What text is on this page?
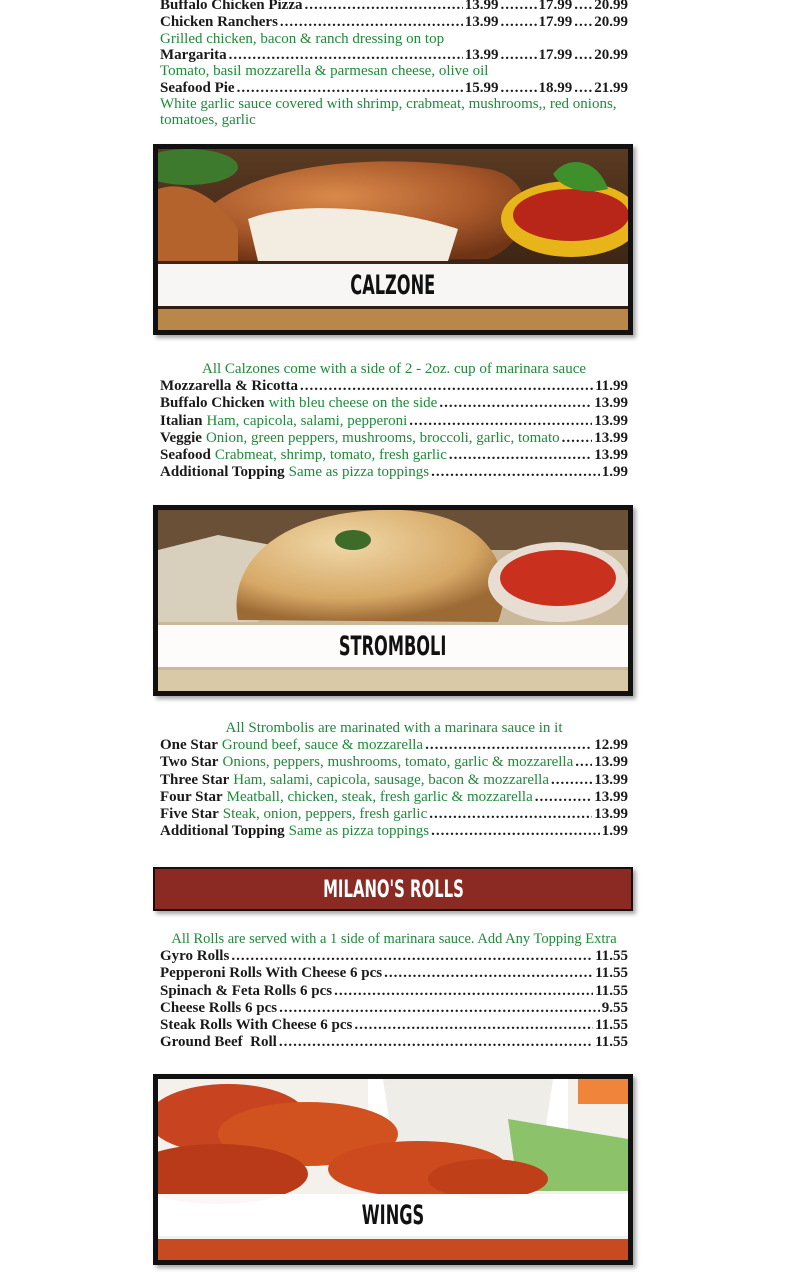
Buffalo Chicken Pizza .....	13.99 .....	17.99 ..... 20.99
Chicken Ranchers .....	13.99 .....	17.99 ..... 20.99
Grilled chicken, bacon & ranch dressing on top
Margarita .....	13.99 .....	17.99 ..... 20.99
Tomato, basil mozzarella & parmesan cheese, olive oil
Seafood Pie .....	15.99 .....	18.99 ..... 21.99
White garlic sauce covered with shrimp, crabmeat, mushrooms,, red onions,
tomatoes, garlic
CALZONE
All Calzones come with a side of 2 - 2oz. cup of marinara sauce
Mozzarella & Ricotta .....	11.99
Buffalo Chicken with bleu cheese on the side .....	13.99
Italian Ham, capicola, salami, pepperoni .....	13.99
Veggie Onion, green peppers, mushrooms, broccoli, garlic, tomato ..... 13.99
Seafood Crabmeat, shrimp, tomato, fresh garlic .....	13.99
Additional Topping Same as pizza toppings .....	1.99
STROMBOLI
All Strombolis are marinated with a marinara sauce in it
One Star Ground beef, sauce & mozzarella .....	12.99
Two Star Onions, peppers, mushrooms, tomato, garlic & mozzarella ..... 13.99
Three Star Ham, salami, capicola, sausage, bacon & mozzarella .....	13.99
Four Star Meatball, chicken, steak, fresh garlic & mozzarella .....	13.99
Five Star Steak, onion, peppers, fresh garlic .....	13.99
Additional Topping Same as pizza toppings .....	1.99
MILANO'S ROLLS
All Rolls are served with a 1 side of marinara sauce. Add Any Topping Extra
Gyro Rolls .....	11.55
Pepperoni Rolls With Cheese 6 pcs .....	11.55
Spinach & Feta Rolls 6 pcs .....	11.55
Cheese Rolls 6 pcs .....	9.55
Steak Rolls With Cheese 6 pcs .....	11.55
Ground Beef  Roll .....	11.55
WINGS
